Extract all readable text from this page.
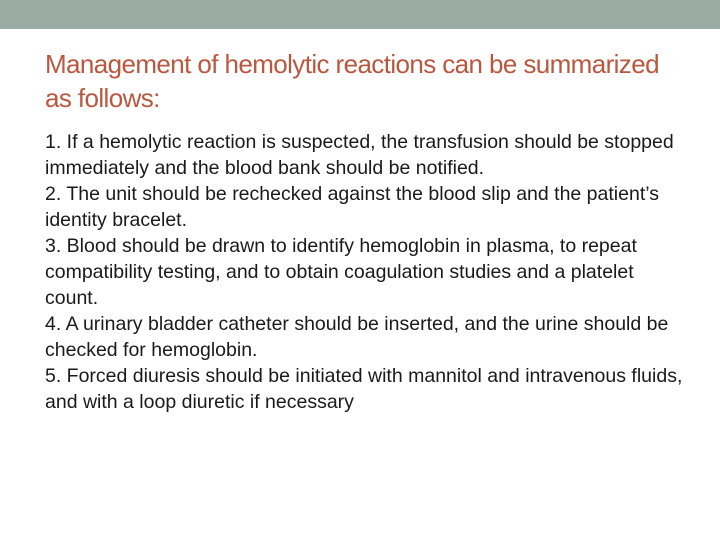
Management of hemolytic reactions can be summarized as follows:
1. If a hemolytic reaction is suspected, the transfusion should be stopped immediately and the blood bank should be notified.
2. The unit should be rechecked against the blood slip and the patient’s identity bracelet.
3. Blood should be drawn to identify hemoglobin in plasma, to repeat compatibility testing, and to obtain coagulation studies and a platelet count.
4. A urinary bladder catheter should be inserted, and the urine should be checked for hemoglobin.
5. Forced diuresis should be initiated with mannitol and intravenous fluids, and with a loop diuretic if necessary
